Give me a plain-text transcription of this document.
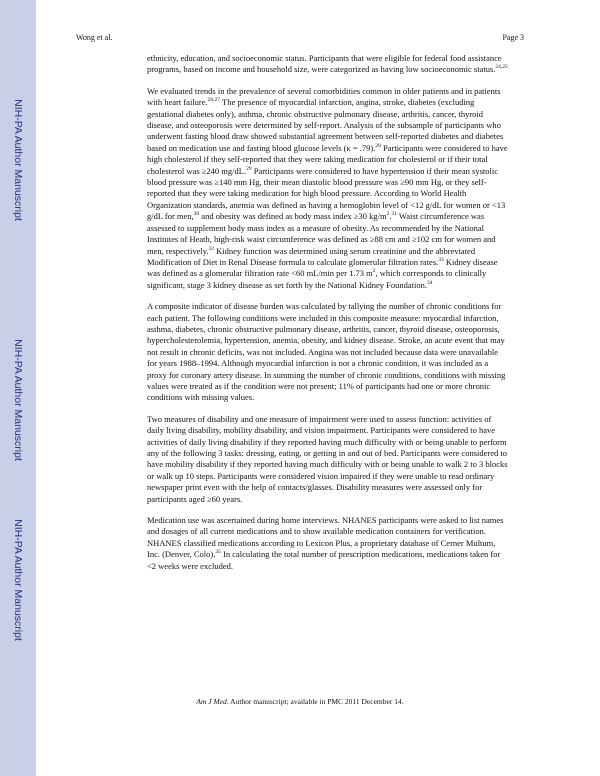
NIH-PA Author Manuscript
NIH-PA Author Manuscript
NIH-PA Author Manuscript
Wong et al.	Page 3

ethnicity, education, and socioeconomic status. Participants that were eligible for federal food assistance programs, based on income and household size, were categorized as having low socioeconomic status.$^{24,25}$

We evaluated trends in the prevalence of several comorbidities common in older patients and in patients with heart failure.$^{26,27}$ The presence of myocardial infarction, angina, stroke, diabetes (excluding gestational diabetes only), asthma, chronic obstructive pulmonary disease, arthritis, cancer, thyroid disease, and osteoporosis were determined by self-report. Analysis of the subsample of participants who underwent fasting blood draw showed substantial agreement between self-reported diabetes and diabetes based on medication use and fasting blood glucose levels (κ = .79).$^{28}$ Participants were considered to have high cholesterol if they self-reported that they were taking medication for cholesterol or if their total cholesterol was ≥240 mg/dL.$^{29}$ Participants were considered to have hypertension if their mean systolic blood pressure was ≥140 mm Hg, their mean diastolic blood pressure was ≥90 mm Hg, or they self-reported that they were taking medication for high blood pressure. According to World Health Organization standards, anemia was defined as having a hemoglobin level of <12 g/dL for women or <13 g/dL for men,$^{30}$ and obesity was defined as body mass index ≥30 $kg/m^2.^{31}$ Waist circumference was assessed to supplement body mass index as a measure of obesity. As recommended by the National Institutes of Heath, high-risk waist circumference was defined as ≥88 cm and ≥102 cm for women and men, respectively.$^{32}$ Kidney function was determined using serum creatinine and the abbreviated Modification of Diet in Renal Disease formula to calculate glomerular filtration rates.$^{33}$ Kidney disease was defined as a glomerular filtration rate <60 mL/min per 1.73 $m^2$, which corresponds to clinically significant, stage 3 kidney disease as set forth by the National Kidney Foundation.$^{34}$

A composite indicator of disease burden was calculated by tallying the number of chronic conditions for each patient. The following conditions were included in this composite measure: myocardial infarction, asthma, diabetes, chronic obstructive pulmonary disease, arthritis, cancer, thyroid disease, osteoporosis, hypercholesterolemia, hypertension, anemia, obesity, and kidney disease. Stroke, an acute event that may not result in chronic deficits, was not included. Angina was not included because data were unavailable for years 1988–1994. Although myocardial infarction is not a chronic condition, it was included as a proxy for coronary artery disease. In summing the number of chronic conditions, conditions with missing values were treated as if the condition were not present; 11% of participants had one or more chronic conditions with missing values.

Two measures of disability and one measure of impairment were used to assess function: activities of daily living disability, mobility disability, and vision impairment. Participants were considered to have activities of daily living disability if they reported having much difficulty with or being unable to perform any of the following 3 tasks: dressing, eating, or getting in and out of bed. Participants were considered to have mobility disability if they reported having much difficulty with or being unable to walk 2 to 3 blocks or walk up 10 steps. Participants were considered vision impaired if they were unable to read ordinary newspaper print even with the help of contacts/glasses. Disability measures were assessed only for participants aged ≥60 years.

Medication use was ascertained during home interviews. NHANES participants were asked to list names and dosages of all current medications and to show available medication containers for verification. NHANES classified medications according to Lexicon Plus, a proprietary database of Cerner Multum, Inc. (Denver, Colo).$^{35}$ In calculating the total number of prescription medications, medications taken for <2 weeks were excluded.

Am J Med. Author manuscript; available in PMC 2011 December 14.
